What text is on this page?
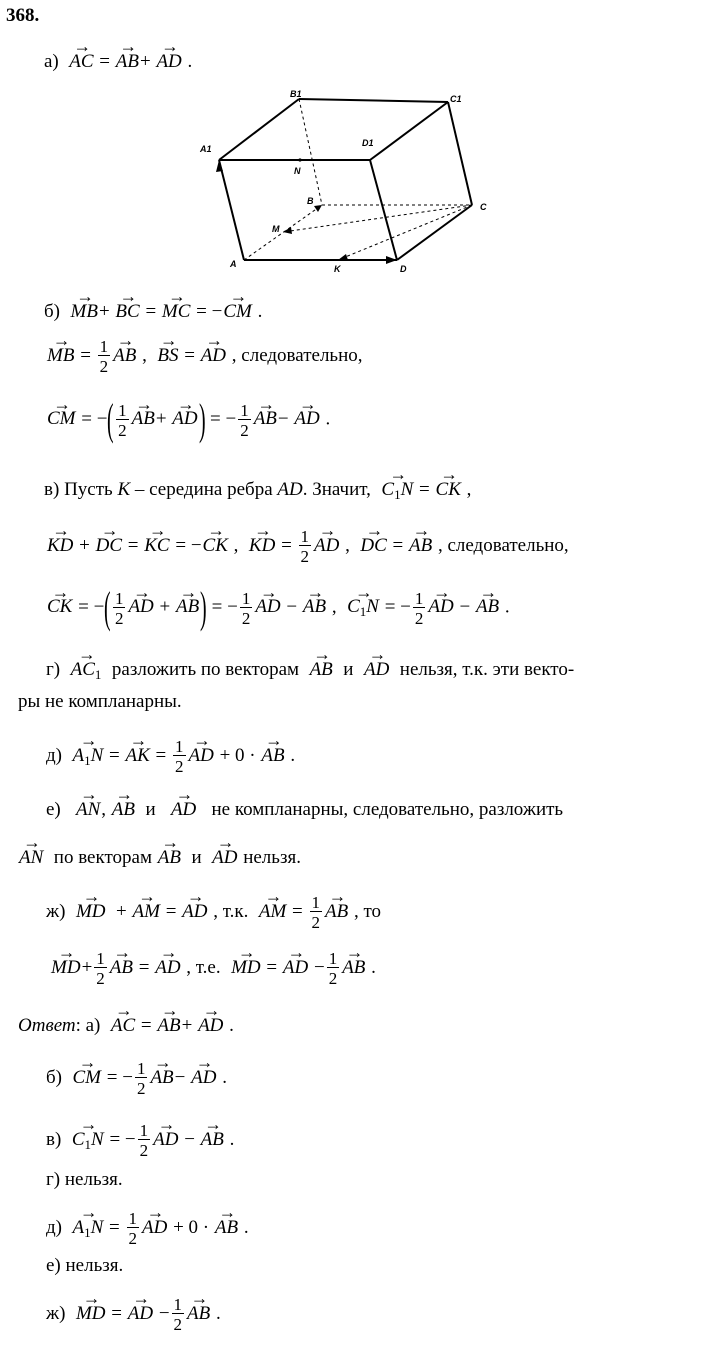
368.
а)  → AC = → AB+ → AD .
B1	C1
A1
D1
N
B
C
M
A	K	D
б)  → MB+ → BC = → MC = −→ CM .
→ MB = $\frac{1}{2}$
→ AB ,  → BS = → AD , следовательно,
→ CM = −( $\frac{1}{2}$
→ AB+ → AD) = − $\frac{1}{2}$
→ AB− → AD .
в) Пусть K – середина ребра AD. Значит,  → $C_1N$ = → CK ,
→ KD + → DC = → KC = −→ CK ,  → KD = $\frac{1}{2}$
→ AD ,  → DC = → AB , следовательно,
→ CK = −( $\frac{1}{2}$
→ AD + → AB) = − $\frac{1}{2}$
→ AD − → AB ,  → $C_1N$ = − $\frac{1}{2}$
→ AD − → AB .
$г) \to AC_1$ разложить по векторам  → AB и  → AD нельзя, т.к. эти векто-
ры не компланарны.
$д) \to A_1N$ = → AK = $\frac{1}{2}$
→ AD + 0 · → AB .
е)   → AN, → AB и   → AD не компланарны, следовательно, разложить
→ AN по векторам → AB и  → AD нельзя.
ж)  → MD  + → AM = → AD , т.к.  → AM = $\frac{1}{2}$
→ AB , то
→ $MD+ \frac{1}{2}$
→ AB = → AD , т.е.  → MD = → AD − $\frac{1}{2}$
→ AB .
Ответ: а)  → AC = → AB+ → AD .
б)  → CM = − $\frac{1}{2}$
→ AB− → AD .
$в) \to C_1N$ = − $\frac{1}{2}$
→ AD − → AB .
г) нельзя.
$д) \to A_1N = \frac{1}{2}$
→ AD + 0 · → AB .
е) нельзя.
ж)  → MD = → AD − $\frac{1}{2}$
→ AB .
